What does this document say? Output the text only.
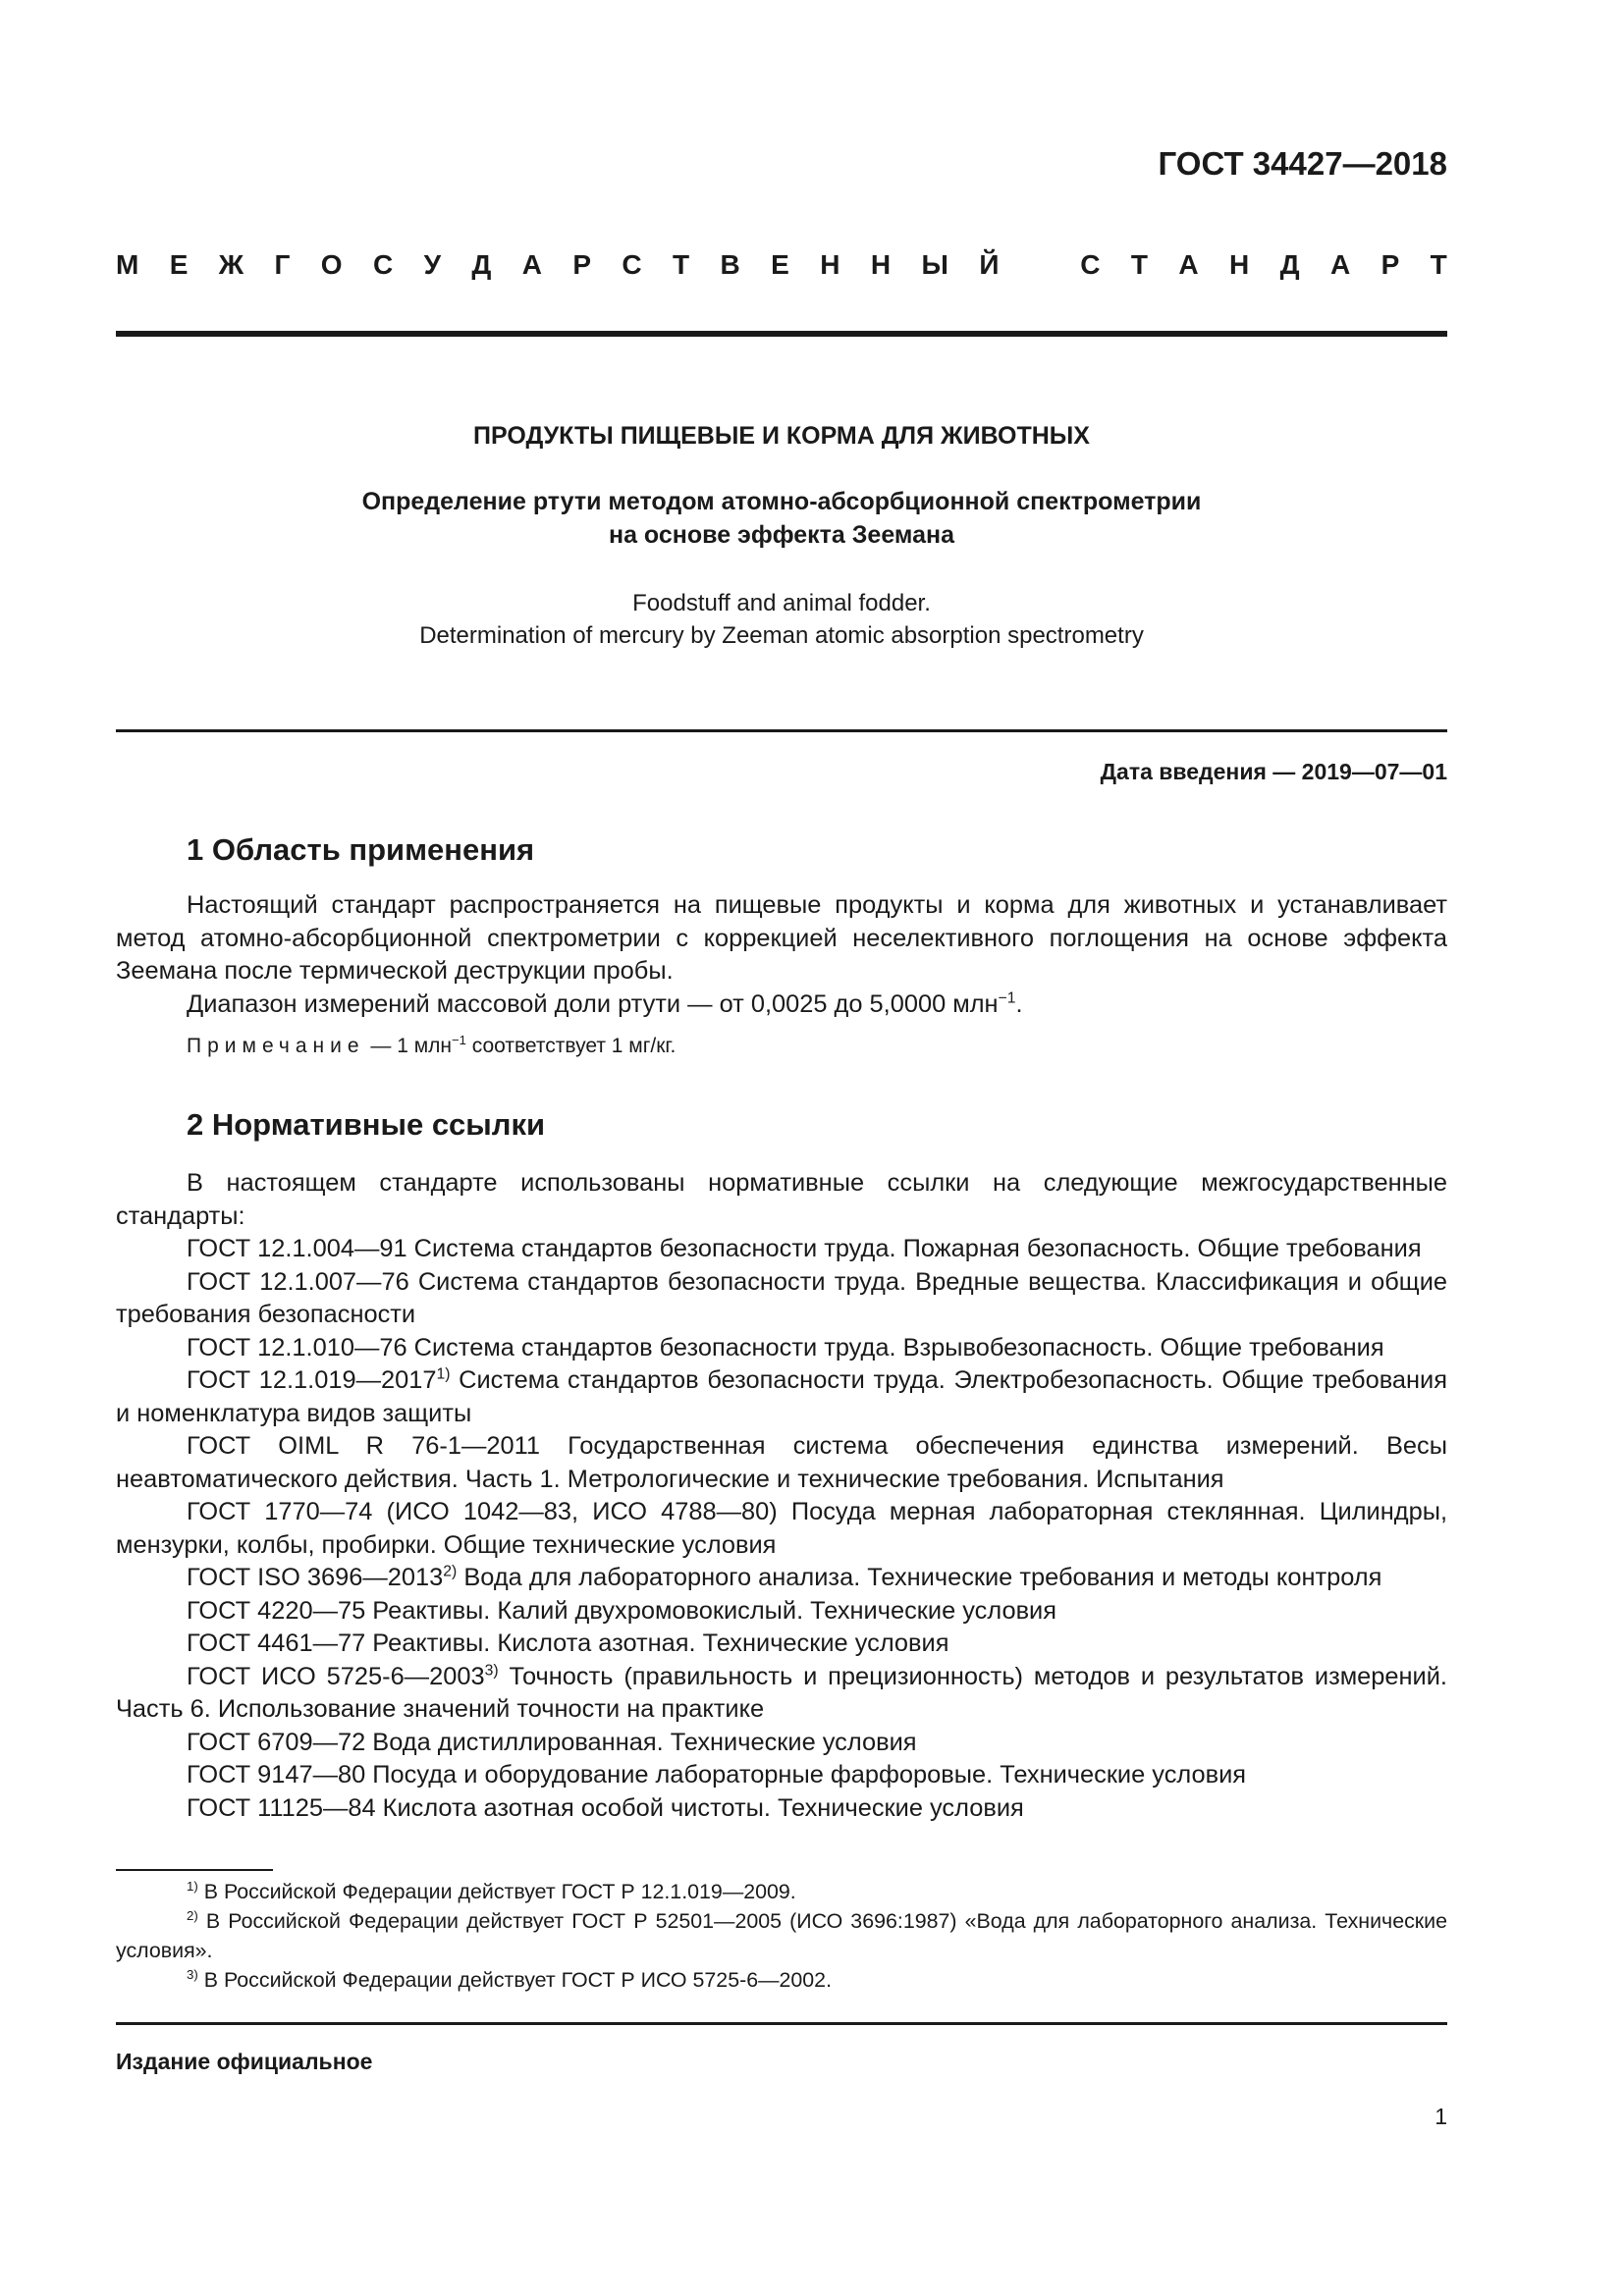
ГОСТ 34427—2018
М Е Ж Г О С У Д А Р С Т В Е Н Н Ы Й	С Т А Н Д А Р Т
ПРОДУКТЫ ПИЩЕВЫЕ И КОРМА ДЛЯ ЖИВОТНЫХ
Определение ртути методом атомно-абсорбционной спектрометрии
на основе эффекта Зеемана
Foodstuff and animal fodder.
Determination of mercury by Zeeman atomic absorption spectrometry
Дата введения — 2019—07—01
1 Область применения

Настоящий стандарт распространяется на пищевые продукты и корма для животных и устанавливает метод атомно-абсорбционной спектрометрии с коррекцией неселективного поглощения на основе эффекта Зеемана после термической деструкции пробы.

Диапазон измерений массовой доли ртути — от 0,0025 до 5,0000 млн$^{-1}$.

Примечание — 1 млн$^{-1}$ соответствует 1 мг/кг.
2 Нормативные ссылки

В настоящем стандарте использованы нормативные ссылки на следующие межгосударственные стандарты:

ГОСТ 12.1.004—91 Система стандартов безопасности труда. Пожарная безопасность. Общие требования

ГОСТ 12.1.007—76 Система стандартов безопасности труда. Вредные вещества. Классификация и общие требования безопасности

ГОСТ 12.1.010—76 Система стандартов безопасности труда. Взрывобезопасность. Общие требования

ГОСТ 12.1.019—2017$^{1)}$ Система стандартов безопасности труда. Электробезопасность. Общие требования и номенклатура видов защиты

ГОСТ OIML R 76-1—2011 Государственная система обеспечения единства измерений. Весы неавтоматического действия. Часть 1. Метрологические и технические требования. Испытания

ГОСТ 1770—74 (ИСО 1042—83, ИСО 4788—80) Посуда мерная лабораторная стеклянная. Цилиндры, мензурки, колбы, пробирки. Общие технические условия

ГОСТ ISO 3696—2013$^{2)}$ Вода для лабораторного анализа. Технические требования и методы контроля

ГОСТ 4220—75 Реактивы. Калий двухромовокислый. Технические условия

ГОСТ 4461—77 Реактивы. Кислота азотная. Технические условия

ГОСТ ИСО 5725-6—2003$^{3)}$ Точность (правильность и прецизионность) методов и результатов измерений. Часть 6. Использование значений точности на практике

ГОСТ 6709—72 Вода дистиллированная. Технические условия

ГОСТ 9147—80 Посуда и оборудование лабораторные фарфоровые. Технические условия

ГОСТ 11125—84 Кислота азотная особой чистоты. Технические условия

$^{1)}$ В Российской Федерации действует ГОСТ Р 12.1.019—2009.

$^{2)}$ В Российской Федерации действует ГОСТ Р 52501—2005 (ИСО 3696:1987) «Вода для лабораторного анализа. Технические условия».

$^{3)}$ В Российской Федерации действует ГОСТ Р ИСО 5725-6—2002.

Издание официальное
1
